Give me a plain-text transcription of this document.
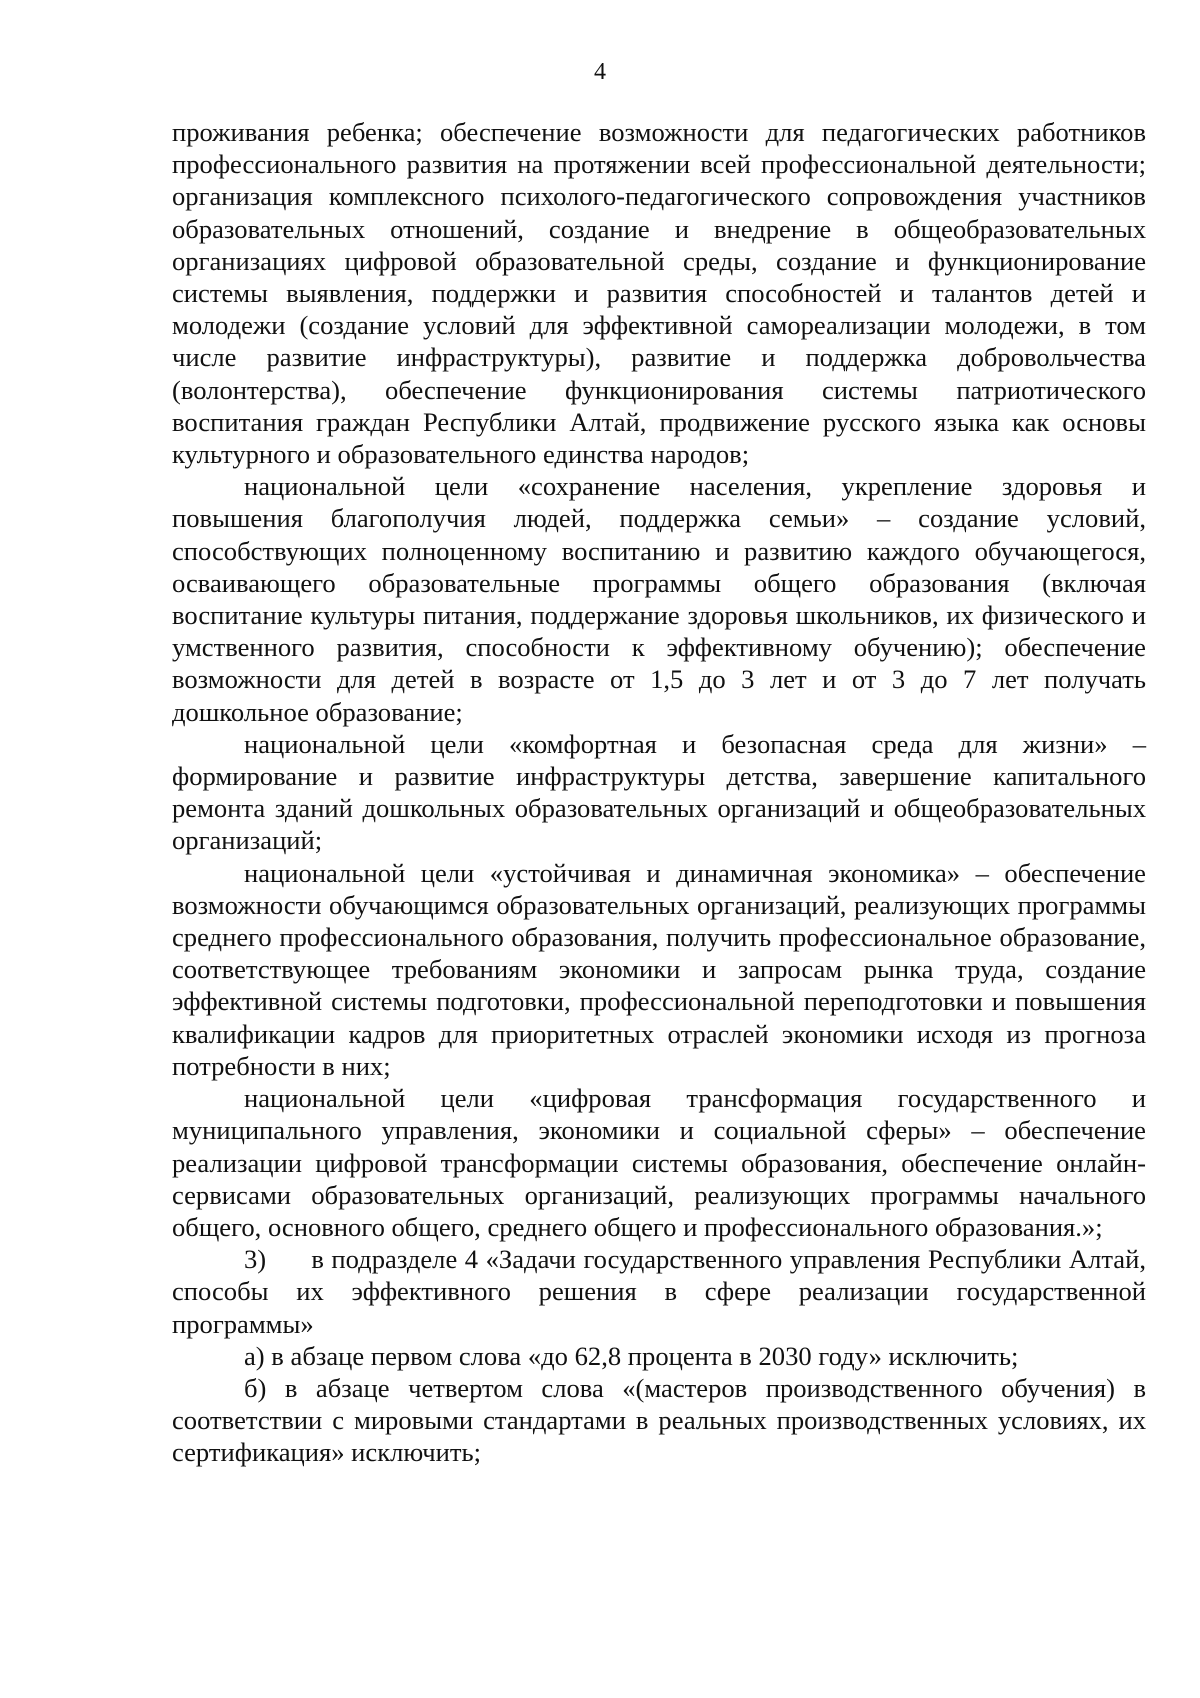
4

проживания ребенка; обеспечение возможности для педагогических работников профессионального развития на протяжении всей профессиональной деятельности; организация комплексного психолого-педагогического сопровождения участников образовательных отношений, создание и внедрение в общеобразовательных организациях цифровой образовательной среды, создание и функционирование системы выявления, поддержки и развития способностей и талантов детей и молодежи (создание условий для эффективной самореализации молодежи, в том числе развитие инфраструктуры), развитие и поддержка добровольчества (волонтерства), обеспечение функционирования системы патриотического воспитания граждан Республики Алтай, продвижение русского языка как основы культурного и образовательного единства народов;

национальной цели «сохранение населения, укрепление здоровья и повышения благополучия людей, поддержка семьи» – создание условий, способствующих полноценному воспитанию и развитию каждого обучающегося, осваивающего образовательные программы общего образования (включая воспитание культуры питания, поддержание здоровья школьников, их физического и умственного развития, способности к эффективному обучению); обеспечение возможности для детей в возрасте от 1,5 до 3 лет и от 3 до 7 лет получать дошкольное образование;

национальной цели «комфортная и безопасная среда для жизни» – формирование и развитие инфраструктуры детства, завершение капитального ремонта зданий дошкольных образовательных организаций и общеобразовательных организаций;

национальной цели «устойчивая и динамичная экономика» – обеспечение возможности обучающимся образовательных организаций, реализующих программы среднего профессионального образования, получить профессиональное образование, соответствующее требованиям экономики и запросам рынка труда, создание эффективной системы подготовки, профессиональной переподготовки и повышения квалификации кадров для приоритетных отраслей экономики исходя из прогноза потребности в них;

национальной цели «цифровая трансформация государственного и муниципального управления, экономики и социальной сферы» – обеспечение реализации цифровой трансформации системы образования, обеспечение онлайн-сервисами образовательных организаций, реализующих программы начального общего, основного общего, среднего общего и профессионального образования.»;

3)      в подразделе 4 «Задачи государственного управления Республики Алтай, способы их эффективного решения в сфере реализации государственной программы»

а) в абзаце первом слова «до 62,8 процента в 2030 году» исключить;

б) в абзаце четвертом слова «(мастеров производственного обучения) в соответствии с мировыми стандартами в реальных производственных условиях, их сертификация» исключить;
